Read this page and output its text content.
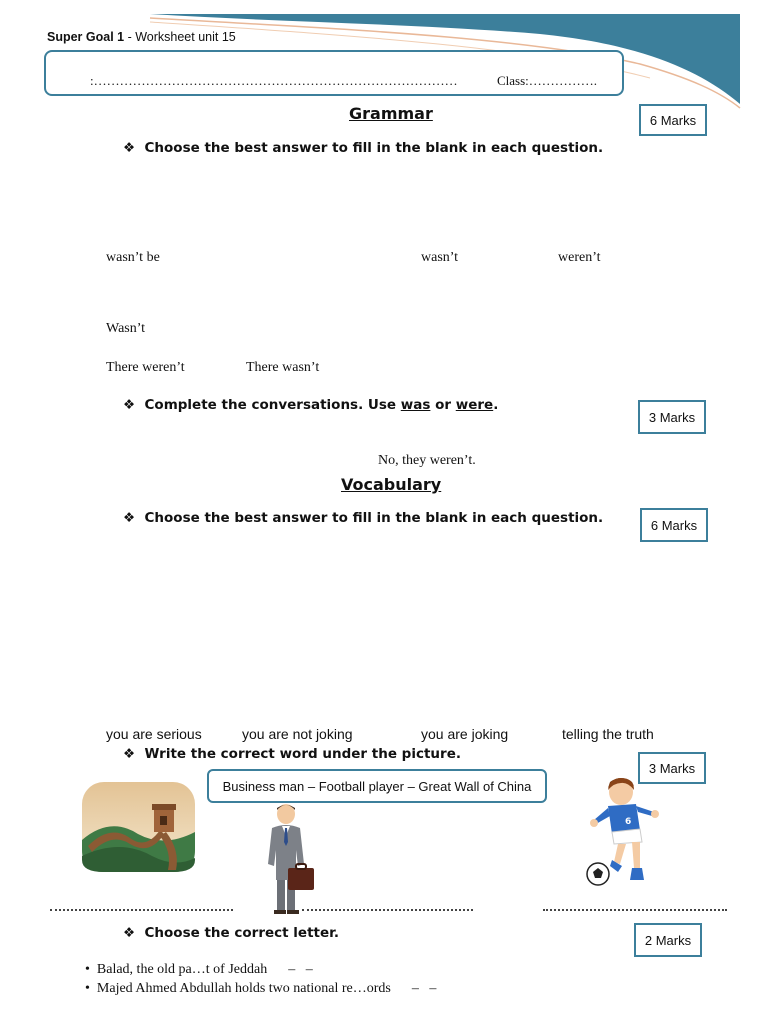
Super Goal 1 - Worksheet unit 15
:…………………………………………………………………………	Class:…………….
Grammar	6 Marks
❖ Choose the best answer to fill in the blank in each question.
wasn’t be	wasn’t	weren’t
Wasn’t
There weren’t	There wasn’t
❖ Complete the conversations. Use was or were.
3 Marks
No, they weren’t.
Vocabulary
❖ Choose the best answer to fill in the blank in each question.	6 Marks
you are serious	you are not joking	you are joking	telling the truth
❖ Write the correct word under the picture.
3 Marks
Business man – Football player – Great Wall of China
6
❖ Choose the correct letter.	2 Marks

•  Balad, the old pa…t of Jeddah      –   –

•  Majed Ahmed Abdullah holds two national re…ords      –   –
